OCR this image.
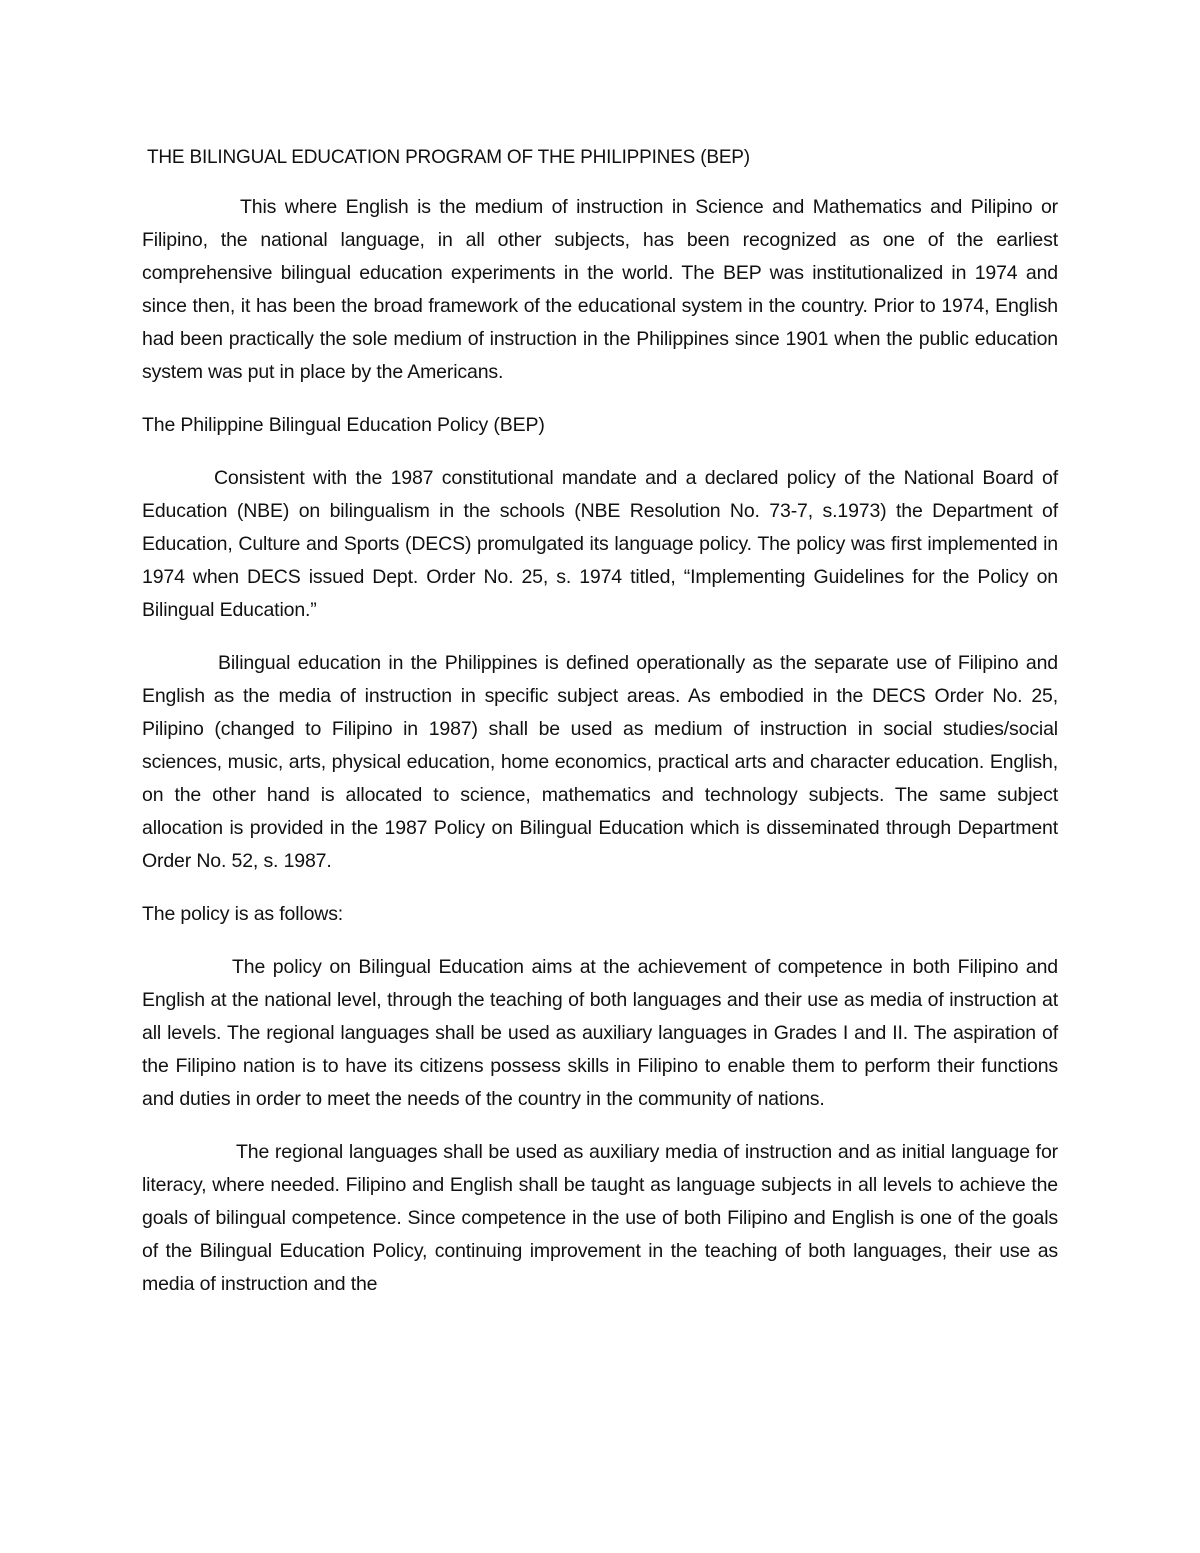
THE BILINGUAL EDUCATION PROGRAM OF THE PHILIPPINES (BEP)

This where English is the medium of instruction in Science and Mathematics and Pilipino or Filipino, the national language, in all other subjects, has been recognized as one of the earliest comprehensive bilingual education experiments in the world. The BEP was institutionalized in 1974 and since then, it has been the broad framework of the educational system in the country. Prior to 1974, English had been practically the sole medium of instruction in the Philippines since 1901 when the public education system was put in place by the Americans.

The Philippine Bilingual Education Policy (BEP)

Consistent with the 1987 constitutional mandate and a declared policy of the National Board of Education (NBE) on bilingualism in the schools (NBE Resolution No. 73-7, s.1973) the Department of Education, Culture and Sports (DECS) promulgated its language policy. The policy was first implemented in 1974 when DECS issued Dept. Order No. 25, s. 1974 titled, “Implementing Guidelines for the Policy on Bilingual Education.”

Bilingual education in the Philippines is defined operationally as the separate use of Filipino and English as the media of instruction in specific subject areas. As embodied in the DECS Order No. 25, Pilipino (changed to Filipino in 1987) shall be used as medium of instruction in social studies/social sciences, music, arts, physical education, home economics, practical arts and character education. English, on the other hand is allocated to science, mathematics and technology subjects. The same subject allocation is provided in the 1987 Policy on Bilingual Education which is disseminated through Department Order No. 52, s. 1987.

The policy is as follows:

The policy on Bilingual Education aims at the achievement of competence in both Filipino and English at the national level, through the teaching of both languages and their use as media of instruction at all levels. The regional languages shall be used as auxiliary languages in Grades I and II. The aspiration of the Filipino nation is to have its citizens possess skills in Filipino to enable them to perform their functions and duties in order to meet the needs of the country in the community of nations.

The regional languages shall be used as auxiliary media of instruction and as initial language for literacy, where needed. Filipino and English shall be taught as language subjects in all levels to achieve the goals of bilingual competence. Since competence in the use of both Filipino and English is one of the goals of the Bilingual Education Policy, continuing improvement in the teaching of both languages, their use as media of instruction and the
